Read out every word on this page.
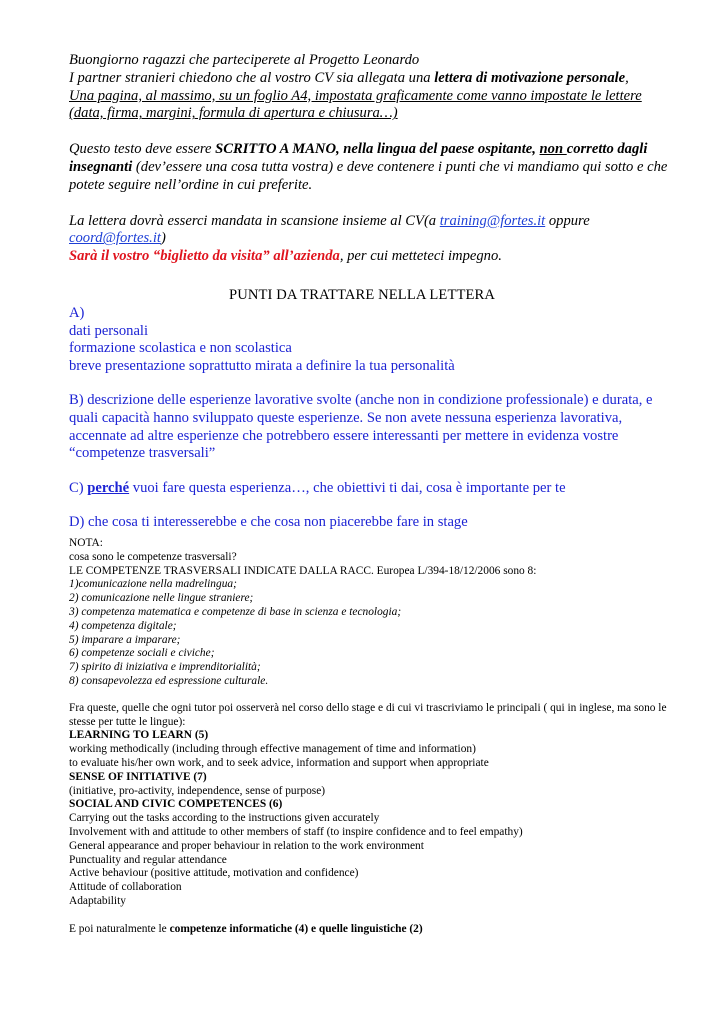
Buongiorno ragazzi che parteciperete al Progetto Leonardo

I partner stranieri chiedono che al vostro CV sia allegata una lettera di motivazione personale,

Una pagina, al massimo, su un foglio A4, impostata graficamente come vanno impostate le lettere (data, firma, margini, formula di apertura e chiusura…)

Questo testo deve essere SCRITTO A MANO, nella lingua del paese ospitante, non corretto dagli insegnanti (dev’essere una cosa tutta vostra) e deve contenere i punti che vi mandiamo qui sotto e che potete seguire nell’ordine in cui preferite.

La lettera dovrà esserci mandata in scansione insieme al CV(a training@fortes.it oppure coord@fortes.it)
Sarà il vostro “biglietto da visita” all’azienda, per cui metteteci impegno.

PUNTI DA TRATTARE NELLA LETTERA

A)

dati personali

formazione scolastica e non scolastica

breve presentazione soprattutto mirata a definire la tua personalità

B) descrizione delle esperienze lavorative svolte (anche non in condizione professionale) e durata, e quali capacità hanno sviluppato queste esperienze. Se non avete nessuna esperienza lavorativa, accennate ad altre esperienze che potrebbero essere interessanti per mettere in evidenza vostre “competenze trasversali”

C) perché vuoi fare questa esperienza…, che obiettivi ti dai, cosa è importante per te

D) che cosa ti interesserebbe e che cosa non piacerebbe fare in stage

NOTA:

cosa sono le competenze trasversali?

LE COMPETENZE TRASVERSALI INDICATE DALLA RACC. Europea L/394-18/12/2006 sono 8:

1)comunicazione nella madrelingua;

2) comunicazione nelle lingue straniere;

3) competenza matematica e competenze di base in scienza e tecnologia;

4) competenza digitale;

5) imparare a imparare;

6) competenze sociali e civiche;

7) spirito di iniziativa e imprenditorialità;

8) consapevolezza ed espressione culturale.

Fra queste, quelle che ogni tutor poi osserverà nel corso dello stage e di cui vi trascriviamo le principali ( qui in inglese, ma sono le stesse per tutte le lingue):

LEARNING TO LEARN (5)

working methodically (including through effective management of time and information)

to evaluate his/her own work, and to seek advice, information and support when appropriate

SENSE OF INITIATIVE (7)

(initiative, pro-activity, independence, sense of purpose)

SOCIAL AND CIVIC COMPETENCES (6)

Carrying out the tasks according to the instructions given accurately

Involvement with and attitude to other members of staff (to inspire confidence and to feel empathy)

General appearance and proper behaviour in relation to the work environment

Punctuality and regular attendance

Active behaviour (positive attitude, motivation and confidence)

Attitude of collaboration

Adaptability

E poi naturalmente le competenze informatiche (4) e quelle linguistiche (2)
